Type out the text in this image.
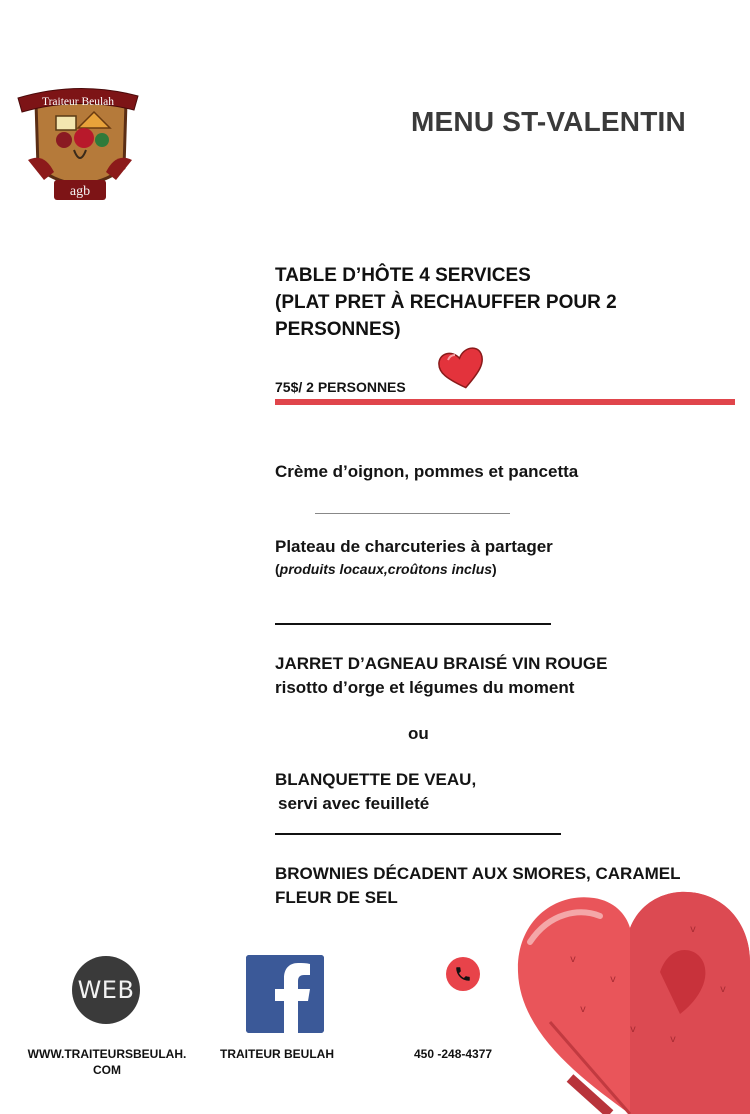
Traiteur Beulah
agb
MENU ST-VALENTIN
TABLE D’HÔTE 4 SERVICES
(PLAT PRET À RECHAUFFER POUR 2
PERSONNES)
75$/ 2 PERSONNES
Crème d’oignon, pommes et pancetta
Plateau de charcuteries à partager
(produits locaux,croûtons inclus)
JARRET D’AGNEAU BRAISÉ VIN ROUGE
risotto d’orge et légumes du moment
ou
BLANQUETTE DE VEAU,
servi avec feuilleté
BROWNIES DÉCADENT AUX SMORES, CARAMEL
FLEUR DE SEL
v
v
v
v
v
v
v
WEB
WWW.TRAITEURSBEULAH.
COM
TRAITEUR BEULAH	450 -248-4377
